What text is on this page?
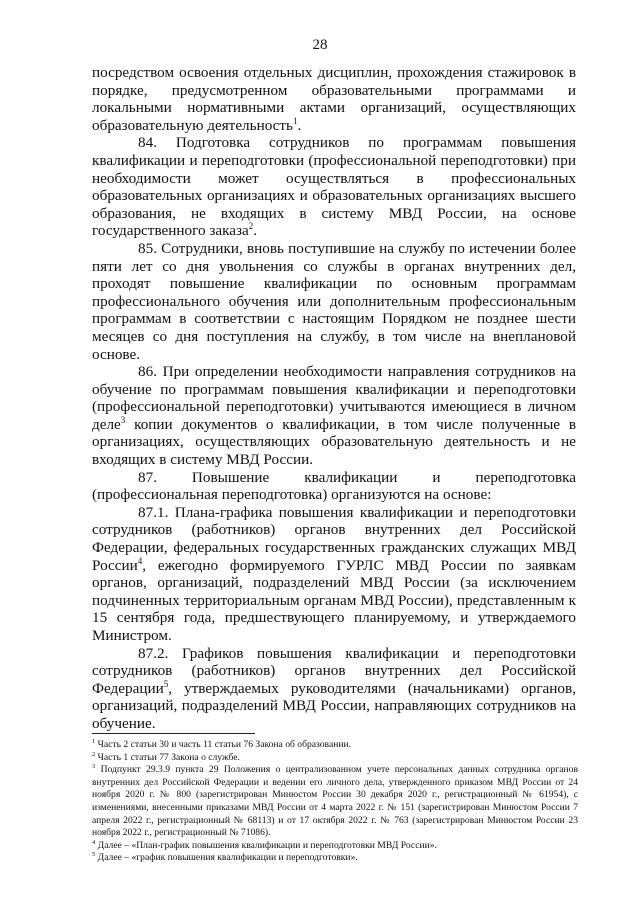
28

посредством освоения отдельных дисциплин, прохождения стажировок в порядке, предусмотренном образовательными программами и локальными нормативными актами организаций, осуществляющих образовательную деятельность$^1$.

84. Подготовка сотрудников по программам повышения квалификации и переподготовки (профессиональной переподготовки) при необходимости может осуществляться в профессиональных образовательных организациях и образовательных организациях высшего образования, не входящих в систему МВД России, на основе государственного заказа$^2$.

85. Сотрудники, вновь поступившие на службу по истечении более пяти лет со дня увольнения со службы в органах внутренних дел, проходят повышение квалификации по основным программам профессионального обучения или дополнительным профессиональным программам в соответствии с настоящим Порядком не позднее шести месяцев со дня поступления на службу, в том числе на внеплановой основе.

86. При определении необходимости направления сотрудников на обучение по программам повышения квалификации и переподготовки (профессиональной переподготовки) учитываются имеющиеся в личном деле$^3$ копии документов о квалификации, в том числе полученные в организациях, осуществляющих образовательную деятельность и не входящих в систему МВД России.

87. Повышение квалификации и переподготовка (профессиональная переподготовка) организуются на основе:

87.1. Плана-графика повышения квалификации и переподготовки сотрудников (работников) органов внутренних дел Российской Федерации, федеральных государственных гражданских служащих МВД России$^4$, ежегодно формируемого ГУРЛС МВД России по заявкам органов, организаций, подразделений МВД России (за исключением подчиненных территориальным органам МВД России), представленным к 15 сентября года, предшествующего планируемому, и утверждаемого Министром.

87.2. Графиков повышения квалификации и переподготовки сотрудников (работников) органов внутренних дел Российской Федерации$^5$, утверждаемых руководителями (начальниками) органов, организаций, подразделений МВД России, направляющих сотрудников на обучение.

$^1$ Часть 2 статьи 30 и часть 11 статьи 76 Закона об образовании.

$^2$ Часть 1 статьи 77 Закона о службе.

$^3$ Подпункт 29.3.9 пункта 29 Положения о централизованном учете персональных данных сотрудника органов внутренних дел Российской Федерации и ведении его личного дела, утвержденного приказом МВД России от 24 ноября 2020 г. № 800 (зарегистрирован Минюстом России 30 декабря 2020 г., регистрационный № 61954), с изменениями, внесенными приказами МВД России от 4 марта 2022 г. № 151 (зарегистрирован Минюстом России 7 апреля 2022 г., регистрационный № 68113) и от 17 октября 2022 г. № 763 (зарегистрирован Минюстом России 23 ноября 2022 г., регистрационный № 71086).

$^4$ Далее – «План-график повышения квалификации и переподготовки МВД России».

$^5$ Далее – «график повышения квалификации и переподготовки».
